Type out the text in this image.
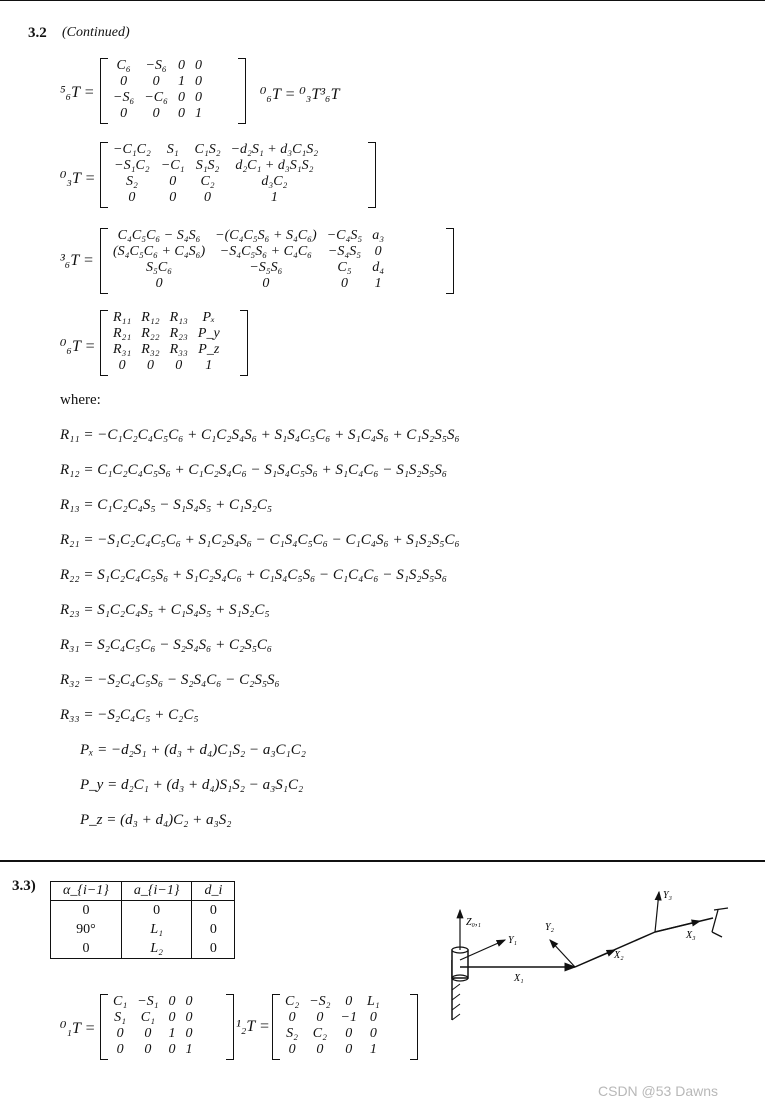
3.2 (Continued)
⁵₆T =
C₆	−S₆	0	0
0	0	1	0
−S₆	−C₆	0	0
0	0	0	1
⁰₆T = ⁰₃T³₆T
⁰₃T =
−C₁C₂	S₁	C₁S₂	−d₂S₁ + d₃C₁S₂
−S₁C₂	−C₁	S₁S₂	d₂C₁ + d₃S₁S₂
S₂	0	C₂	d₃C₂
0	0	0	1
³₆T =
C₄C₅C₆ − S₄S₆	−(C₄C₅S₆ + S₄C₆)	−C₄S₅	a₃
(S₄C₅C₆ + C₄S₆)	−S₄C₅S₆ + C₄C₆	−S₄S₅	0
S₅C₆	−S₅S₆	C₅	d₄
0	0	0	1
⁰₆T =
R₁₁	R₁₂	R₁₃	Pₓ
R₂₁	R₂₂	R₂₃	P_y
R₃₁	R₃₂	R₃₃	P_z
0	0	0	1
where:
R₁₁ = −C₁C₂C₄C₅C₆ + C₁C₂S₄S₆ + S₁S₄C₅C₆ + S₁C₄S₆ + C₁S₂S₅S₆
R₁₂ = C₁C₂C₄C₅S₆ + C₁C₂S₄C₆ − S₁S₄C₅S₆ + S₁C₄C₆ − S₁S₂S₅S₆
R₁₃ = C₁C₂C₄S₅ − S₁S₄S₅ + C₁S₂C₅
R₂₁ = −S₁C₂C₄C₅C₆ + S₁C₂S₄S₆ − C₁S₄C₅C₆ − C₁C₄S₆ + S₁S₂S₅C₆
R₂₂ = S₁C₂C₄C₅S₆ + S₁C₂S₄C₆ + C₁S₄C₅S₆ − C₁C₄C₆ − S₁S₂S₅S₆
R₂₃ = S₁C₂C₄S₅ + C₁S₄S₅ + S₁S₂C₅
R₃₁ = S₂C₄C₅C₆ − S₂S₄S₆ + C₂S₅C₆
R₃₂ = −S₂C₄C₅S₆ − S₂S₄C₆ − C₂S₅S₆
R₃₃ = −S₂C₄C₅ + C₂C₅
Pₓ = −d₂S₁ + (d₃ + d₄)C₁S₂ − a₃C₁C₂
P_y = d₂C₁ + (d₃ + d₄)S₁S₂ − a₃S₁C₂
P_z = (d₃ + d₄)C₂ + a₃S₂
3.3) α_{i−1}	a_{i−1}	d_i
0	0	0
90°	L₁	0
0	L₂	0
⁰₁T =
C₁	−S₁	0	0
S₁	C₁	0	0
0	0	1	0
0	0	0	1
¹₂T =
C₂	−S₂	0	L₁
0	0	−1	0
S₂	C₂	0	0
0	0	0	1
Z₀,₁
Y₁
X₁
Y₂
X₂
Y₃
X₃
CSDN @53 Dawns
